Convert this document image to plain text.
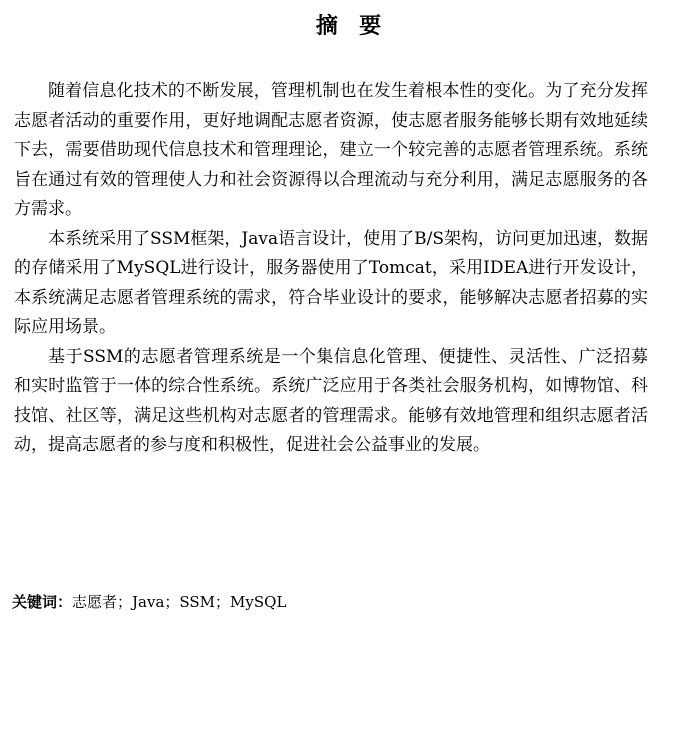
摘  要

随着信息化技术的不断发展，管理机制也在发生着根本性的变化。为了充分发挥志愿者活动的重要作用，更好地调配志愿者资源，使志愿者服务能够长期有效地延续下去，需要借助现代信息技术和管理理论，建立一个较完善的志愿者管理系统。系统旨在通过有效的管理使人力和社会资源得以合理流动与充分利用，满足志愿服务的各方需求。

本系统采用了SSM框架，Java语言设计，使用了B/S架构，访问更加迅速，数据的存储采用了MySQL进行设计，服务器使用了Tomcat，采用IDEA进行开发设计，本系统满足志愿者管理系统的需求，符合毕业设计的要求，能够解决志愿者招募的实际应用场景。

基于SSM的志愿者管理系统是一个集信息化管理、便捷性、灵活性、广泛招募和实时监管于一体的综合性系统。系统广泛应用于各类社会服务机构，如博物馆、科技馆、社区等，满足这些机构对志愿者的管理需求。能够有效地管理和组织志愿者活动，提高志愿者的参与度和积极性，促进社会公益事业的发展。

关键词：志愿者；Java；SSM；MySQL
